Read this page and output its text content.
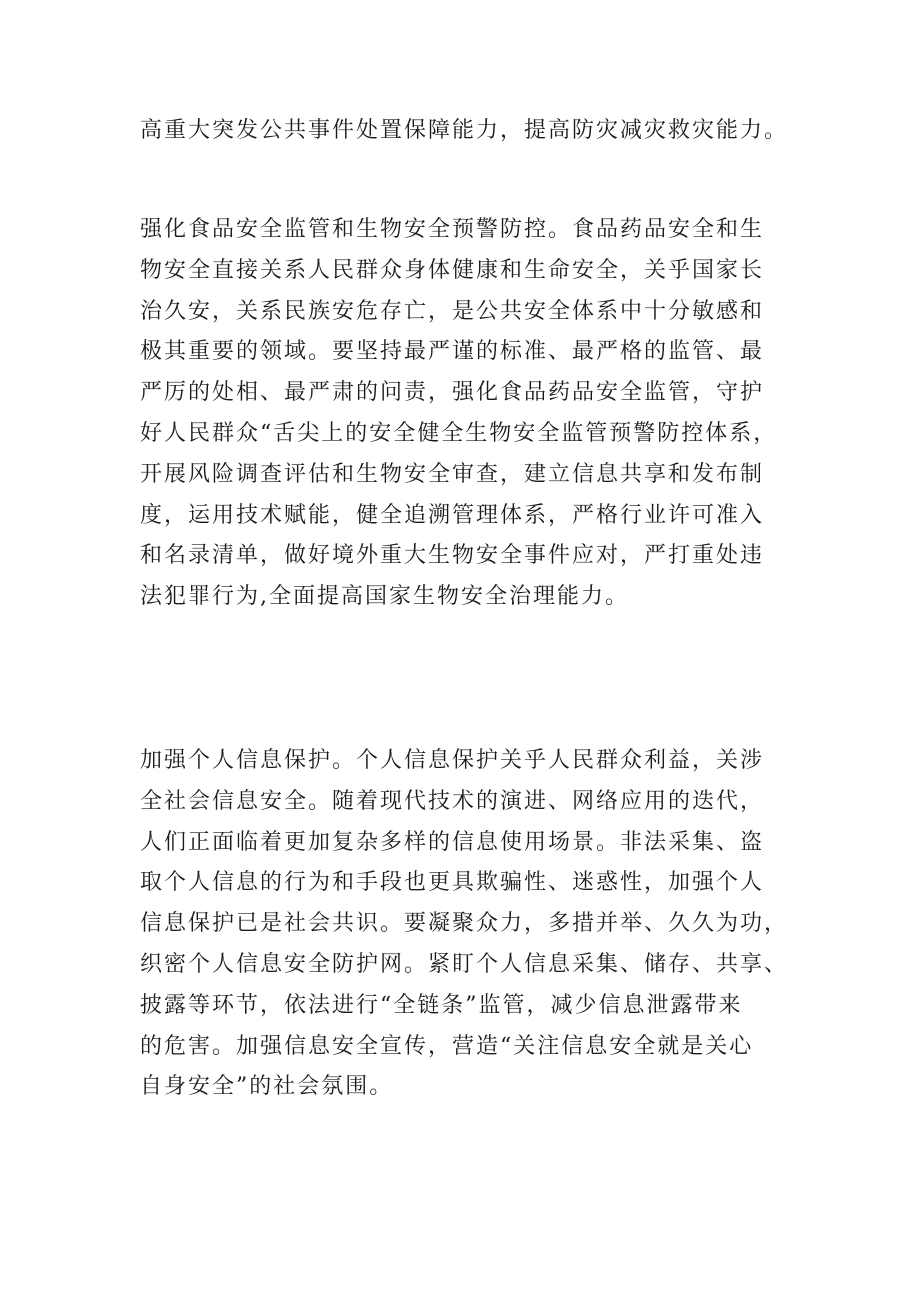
高重大突发公共事件处置保障能力，提高防灾减灾救灾能力。

强化食品安全监管和生物安全预警防控。食品药品安全和生
物安全直接关系人民群众身体健康和生命安全，关乎国家长
治久安，关系民族安危存亡，是公共安全体系中十分敏感和
极其重要的领域。要坚持最严谨的标准、最严格的监管、最
严厉的处相、最严肃的问责，强化食品药品安全监管，守护
好人民群众“舌尖上的安全健全生物安全监管预警防控体系，
开展风险调查评估和生物安全审查，建立信息共享和发布制
度，运用技术赋能，健全追溯管理体系，严格行业许可准入
和名录清单，做好境外重大生物安全事件应对，严打重处违
法犯罪行为,全面提高国家生物安全治理能力。

加强个人信息保护。个人信息保护关乎人民群众利益，关涉
全社会信息安全。随着现代技术的演进、网络应用的迭代，
人们正面临着更加复杂多样的信息使用场景。非法采集、盗
取个人信息的行为和手段也更具欺骗性、迷惑性，加强个人
信息保护已是社会共识。要凝聚众力，多措并举、久久为功，
织密个人信息安全防护网。紧盯个人信息采集、储存、共享、
披露等环节，依法进行“全链条”监管，减少信息泄露带来
的危害。加强信息安全宣传，营造“关注信息安全就是关心
自身安全”的社会氛围。
